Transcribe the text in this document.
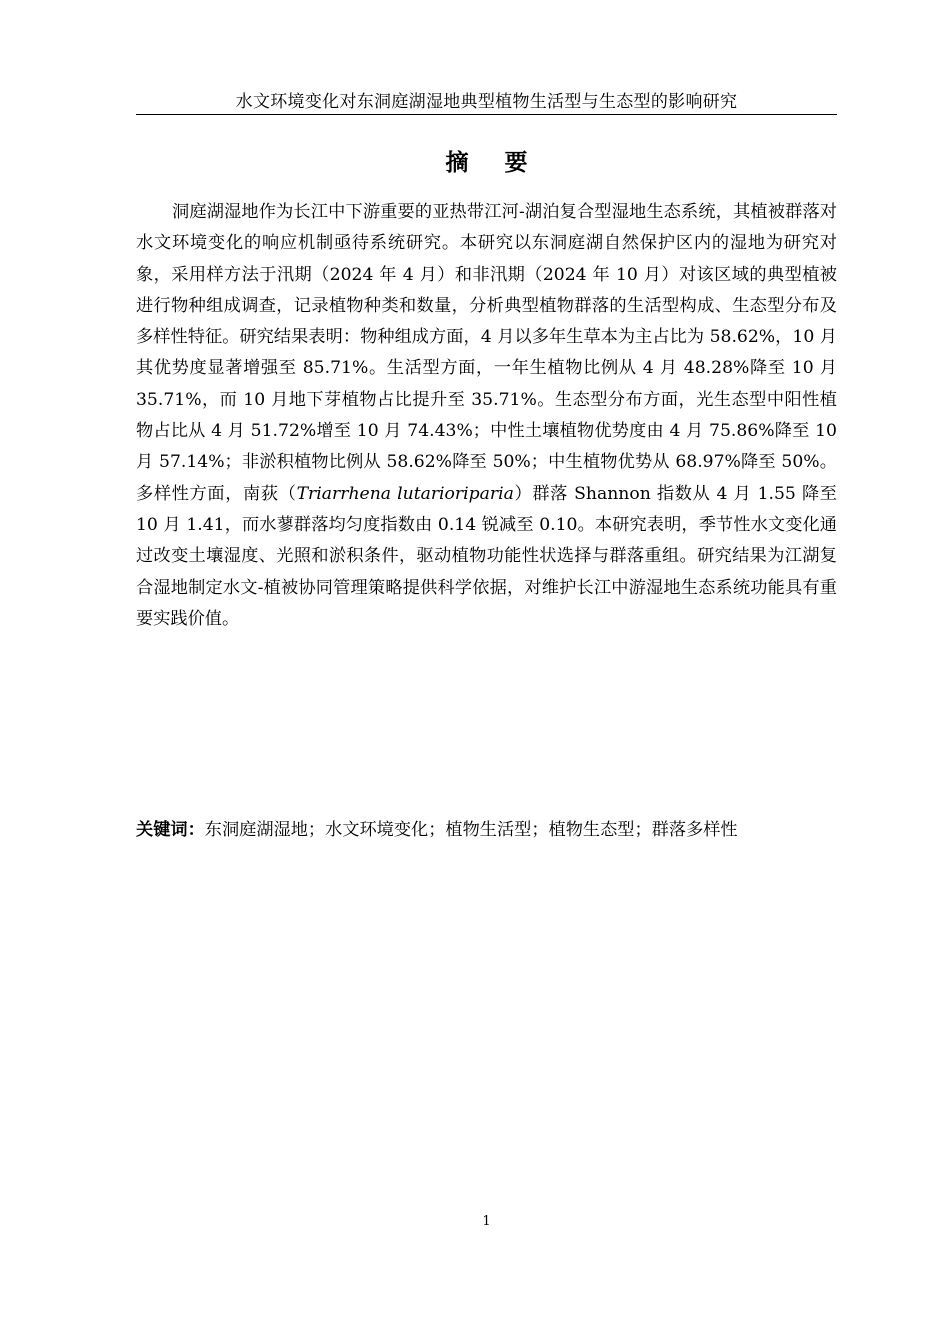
水文环境变化对东洞庭湖湿地典型植物生活型与生态型的影响研究
摘 要

洞庭湖湿地作为长江中下游重要的亚热带江河-湖泊复合型湿地生态系统，其植被群落对水文环境变化的响应机制亟待系统研究。本研究以东洞庭湖自然保护区内的湿地为研究对象，采用样方法于汛期（2024 年 4 月）和非汛期（2024 年 10 月）对该区域的典型植被进行物种组成调查，记录植物种类和数量，分析典型植物群落的生活型构成、生态型分布及多样性特征。研究结果表明：物种组成方面，4 月以多年生草本为主占比为 58.62%，10 月其优势度显著增强至 85.71%。生活型方面，一年生植物比例从 4 月 48.28%降至 10 月 35.71%，而 10 月地下芽植物占比提升至 35.71%。生态型分布方面，光生态型中阳性植物占比从 4 月 51.72%增至 10 月 74.43%；中性土壤植物优势度由 4 月 75.86%降至 10 月 57.14%；非淤积植物比例从 58.62%降至 50%；中生植物优势从 68.97%降至 50%。多样性方面，南荻（Triarrhena lutarioriparia）群落 Shannon 指数从 4 月 1.55 降至 10 月 1.41，而水蓼群落均匀度指数由 0.14 锐减至 0.10。本研究表明，季节性水文变化通过改变土壤湿度、光照和淤积条件，驱动植物功能性状选择与群落重组。研究结果为江湖复合湿地制定水文-植被协同管理策略提供科学依据，对维护长江中游湿地生态系统功能具有重要实践价值。

关键词：东洞庭湖湿地；水文环境变化；植物生活型；植物生态型；群落多样性
1
